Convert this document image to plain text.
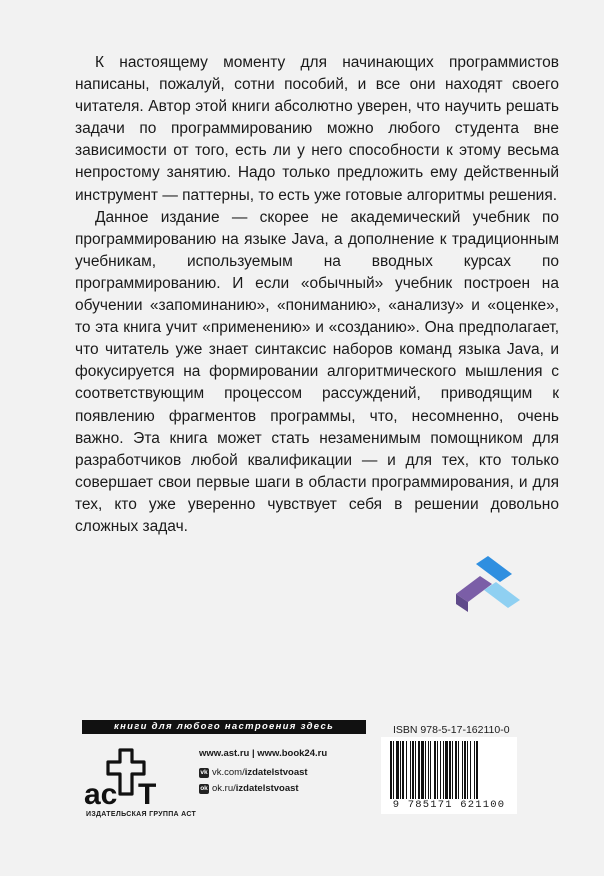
К настоящему моменту для начинающих программистов написаны, пожалуй, сотни пособий, и все они находят своего читателя. Автор этой книги абсолютно уверен, что научить решать задачи по программированию можно любого студента вне зависимости от того, есть ли у него способности к этому весьма непростому занятию. Надо только предложить ему действенный инструмент — паттерны, то есть уже готовые алгоритмы решения.

Данное издание — скорее не академический учебник по программированию на языке Java, а дополнение к традиционным учебникам, используемым на вводных курсах по программированию. И если «обычный» учебник построен на обучении «запоминанию», «пониманию», «анализу» и «оценке», то эта книга учит «применению» и «созданию». Она предполагает, что читатель уже знает синтаксис наборов команд языка Java, и фокусируется на формировании алгоритмического мышления с соответствующим процессом рассуждений, приводящим к появлению фрагментов программы, что, несомненно, очень важно. Эта книга может стать незаменимым помощником для разработчиков любой квалификации — и для тех, кто только совершает свои первые шаги в области программирования, и для тех, кто уже уверенно чувствует себя в решении довольно сложных задач.

книги для любого настроения здесь
ac T
ИЗДАТЕЛЬСКАЯ ГРУППА АСТ
www.ast.ru | www.book24.ru
vk vk.com/ izdatelstvoast
ok ok.ru/ izdatelstvoast
ISBN 978-5-17-162110-0
9 785171 621100
